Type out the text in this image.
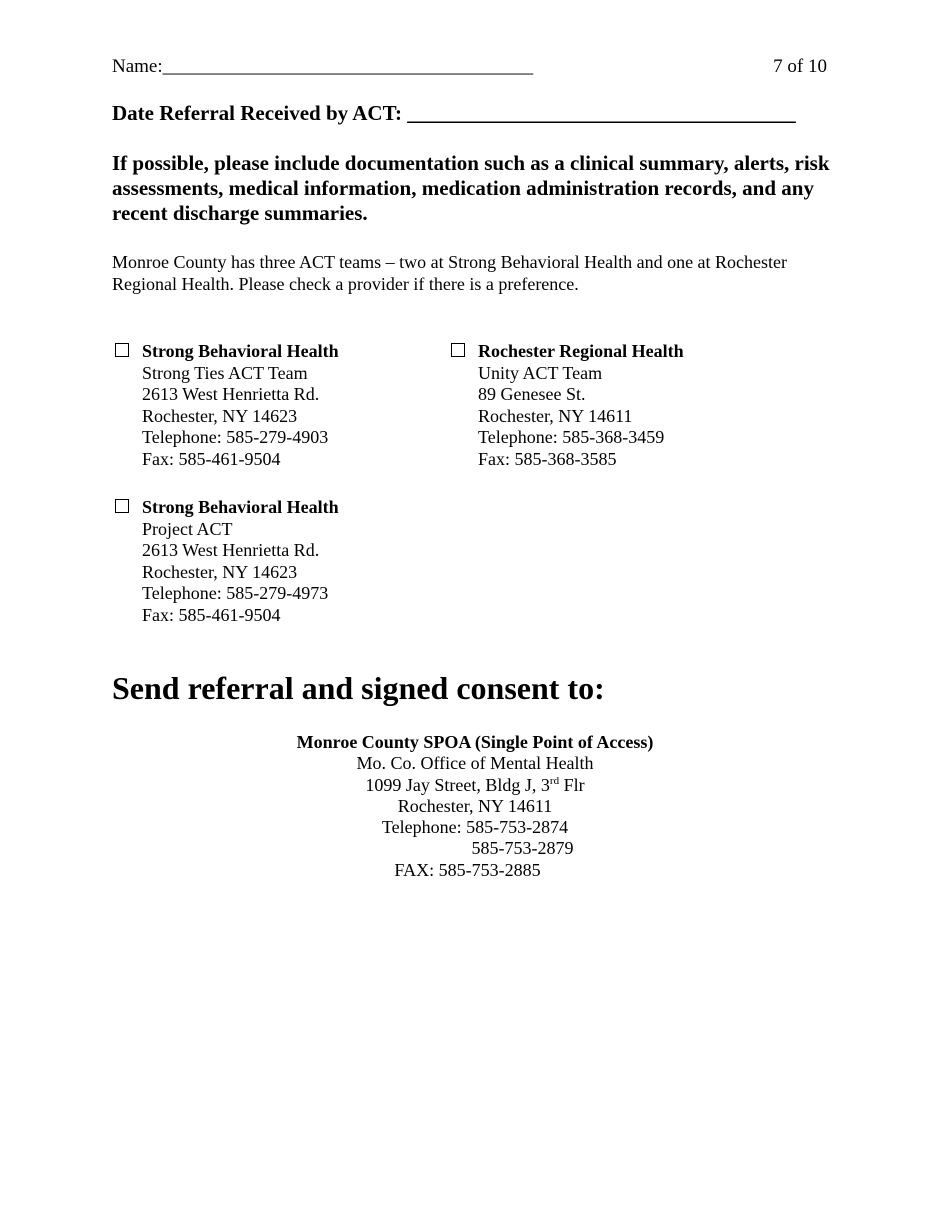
Name:_______________________________________	7 of 10
Date Referral Received by ACT: _____________________________________

If possible, please include documentation such as a clinical summary, alerts, risk assessments, medical information, medication administration records, and any recent discharge summaries.

Monroe County has three ACT teams – two at Strong Behavioral Health and one at Rochester Regional Health. Please check a provider if there is a preference.

Strong Behavioral Health
Strong Ties ACT Team
2613 West Henrietta Rd.
Rochester, NY 14623
Telephone: 585-279-4903
Fax: 585-461-9504
Rochester Regional Health
Unity ACT Team
89 Genesee St.
Rochester, NY 14611
Telephone: 585-368-3459
Fax: 585-368-3585
Strong Behavioral Health
Project ACT
2613 West Henrietta Rd.
Rochester, NY 14623
Telephone: 585-279-4973
Fax: 585-461-9504
Send referral and signed consent to:
Monroe County SPOA (Single Point of Access)
Mo. Co. Office of Mental Health
1099 Jay Street, Bldg J, 3rd Flr
Rochester, NY 14611
Telephone: 585-753-2874
585-753-2879
FAX: 585-753-2885
